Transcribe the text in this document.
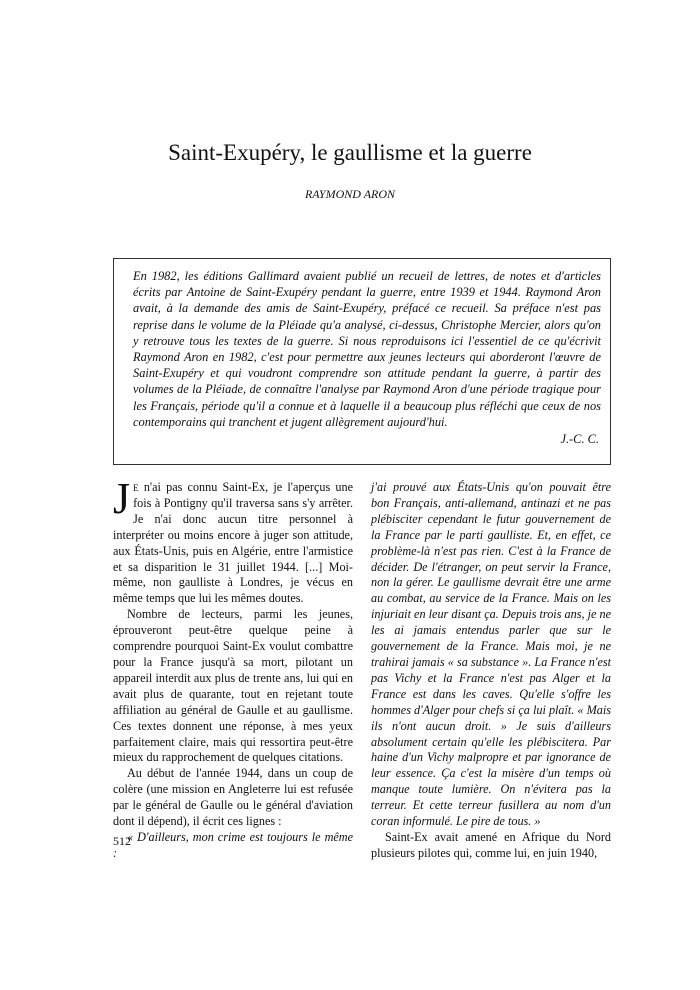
Saint-Exupéry, le gaullisme et la guerre

RAYMOND ARON

En 1982, les éditions Gallimard avaient publié un recueil de lettres, de notes et d'articles écrits par Antoine de Saint-Exupéry pendant la guerre, entre 1939 et 1944. Raymond Aron avait, à la demande des amis de Saint-Exupéry, préfacé ce recueil. Sa préface n'est pas reprise dans le volume de la Pléiade qu'a analysé, ci-dessus, Christophe Mercier, alors qu'on y retrouve tous les textes de la guerre. Si nous reproduisons ici l'essentiel de ce qu'écrivit Raymond Aron en 1982, c'est pour permettre aux jeunes lecteurs qui aborderont l'œuvre de Saint-Exupéry et qui voudront comprendre son attitude pendant la guerre, à partir des volumes de la Pléiade, de connaître l'analyse par Raymond Aron d'une période tragique pour les Français, période qu'il a connue et à laquelle il a beaucoup plus réfléchi que ceux de nos contemporains qui tranchent et jugent allègrement aujourd'hui.

J.-C. C.

Je n'ai pas connu Saint-Ex, je l'aperçus une fois à Pontigny qu'il traversa sans s'y arrêter. Je n'ai donc aucun titre personnel à interpréter ou moins encore à juger son attitude, aux États-Unis, puis en Algérie, entre l'armistice et sa disparition le 31 juillet 1944. [...] Moi-même, non gaulliste à Londres, je vécus en même temps que lui les mêmes doutes.

Nombre de lecteurs, parmi les jeunes, éprouveront peut-être quelque peine à comprendre pourquoi Saint-Ex voulut combattre pour la France jusqu'à sa mort, pilotant un appareil interdit aux plus de trente ans, lui qui en avait plus de quarante, tout en rejetant toute affiliation au général de Gaulle et au gaullisme. Ces textes donnent une réponse, à mes yeux parfaitement claire, mais qui ressortira peut-être mieux du rapprochement de quelques citations.

Au début de l'année 1944, dans un coup de colère (une mission en Angleterre lui est refusée par le général de Gaulle ou le général d'aviation dont il dépend), il écrit ces lignes :

« D'ailleurs, mon crime est toujours le même :

j'ai prouvé aux États-Unis qu'on pouvait être bon Français, anti-allemand, antinazi et ne pas plébisciter cependant le futur gouvernement de la France par le parti gaulliste. Et, en effet, ce problème-là n'est pas rien. C'est à la France de décider. De l'étranger, on peut servir la France, non la gérer. Le gaullisme devrait être une arme au combat, au service de la France. Mais on les injuriait en leur disant ça. Depuis trois ans, je ne les ai jamais entendus parler que sur le gouvernement de la France. Mais moi, je ne trahirai jamais « sa substance ». La France n'est pas Vichy et la France n'est pas Alger et la France est dans les caves. Qu'elle s'offre les hommes d'Alger pour chefs si ça lui plaît. « Mais ils n'ont aucun droit. » Je suis d'ailleurs absolument certain qu'elle les plébiscitera. Par haine d'un Vichy malpropre et par ignorance de leur essence. Ça c'est la misère d'un temps où manque toute lumière. On n'évitera pas la terreur. Et cette terreur fusillera au nom d'un coran informulé. Le pire de tous. »

Saint-Ex avait amené en Afrique du Nord plusieurs pilotes qui, comme lui, en juin 1940,

512
